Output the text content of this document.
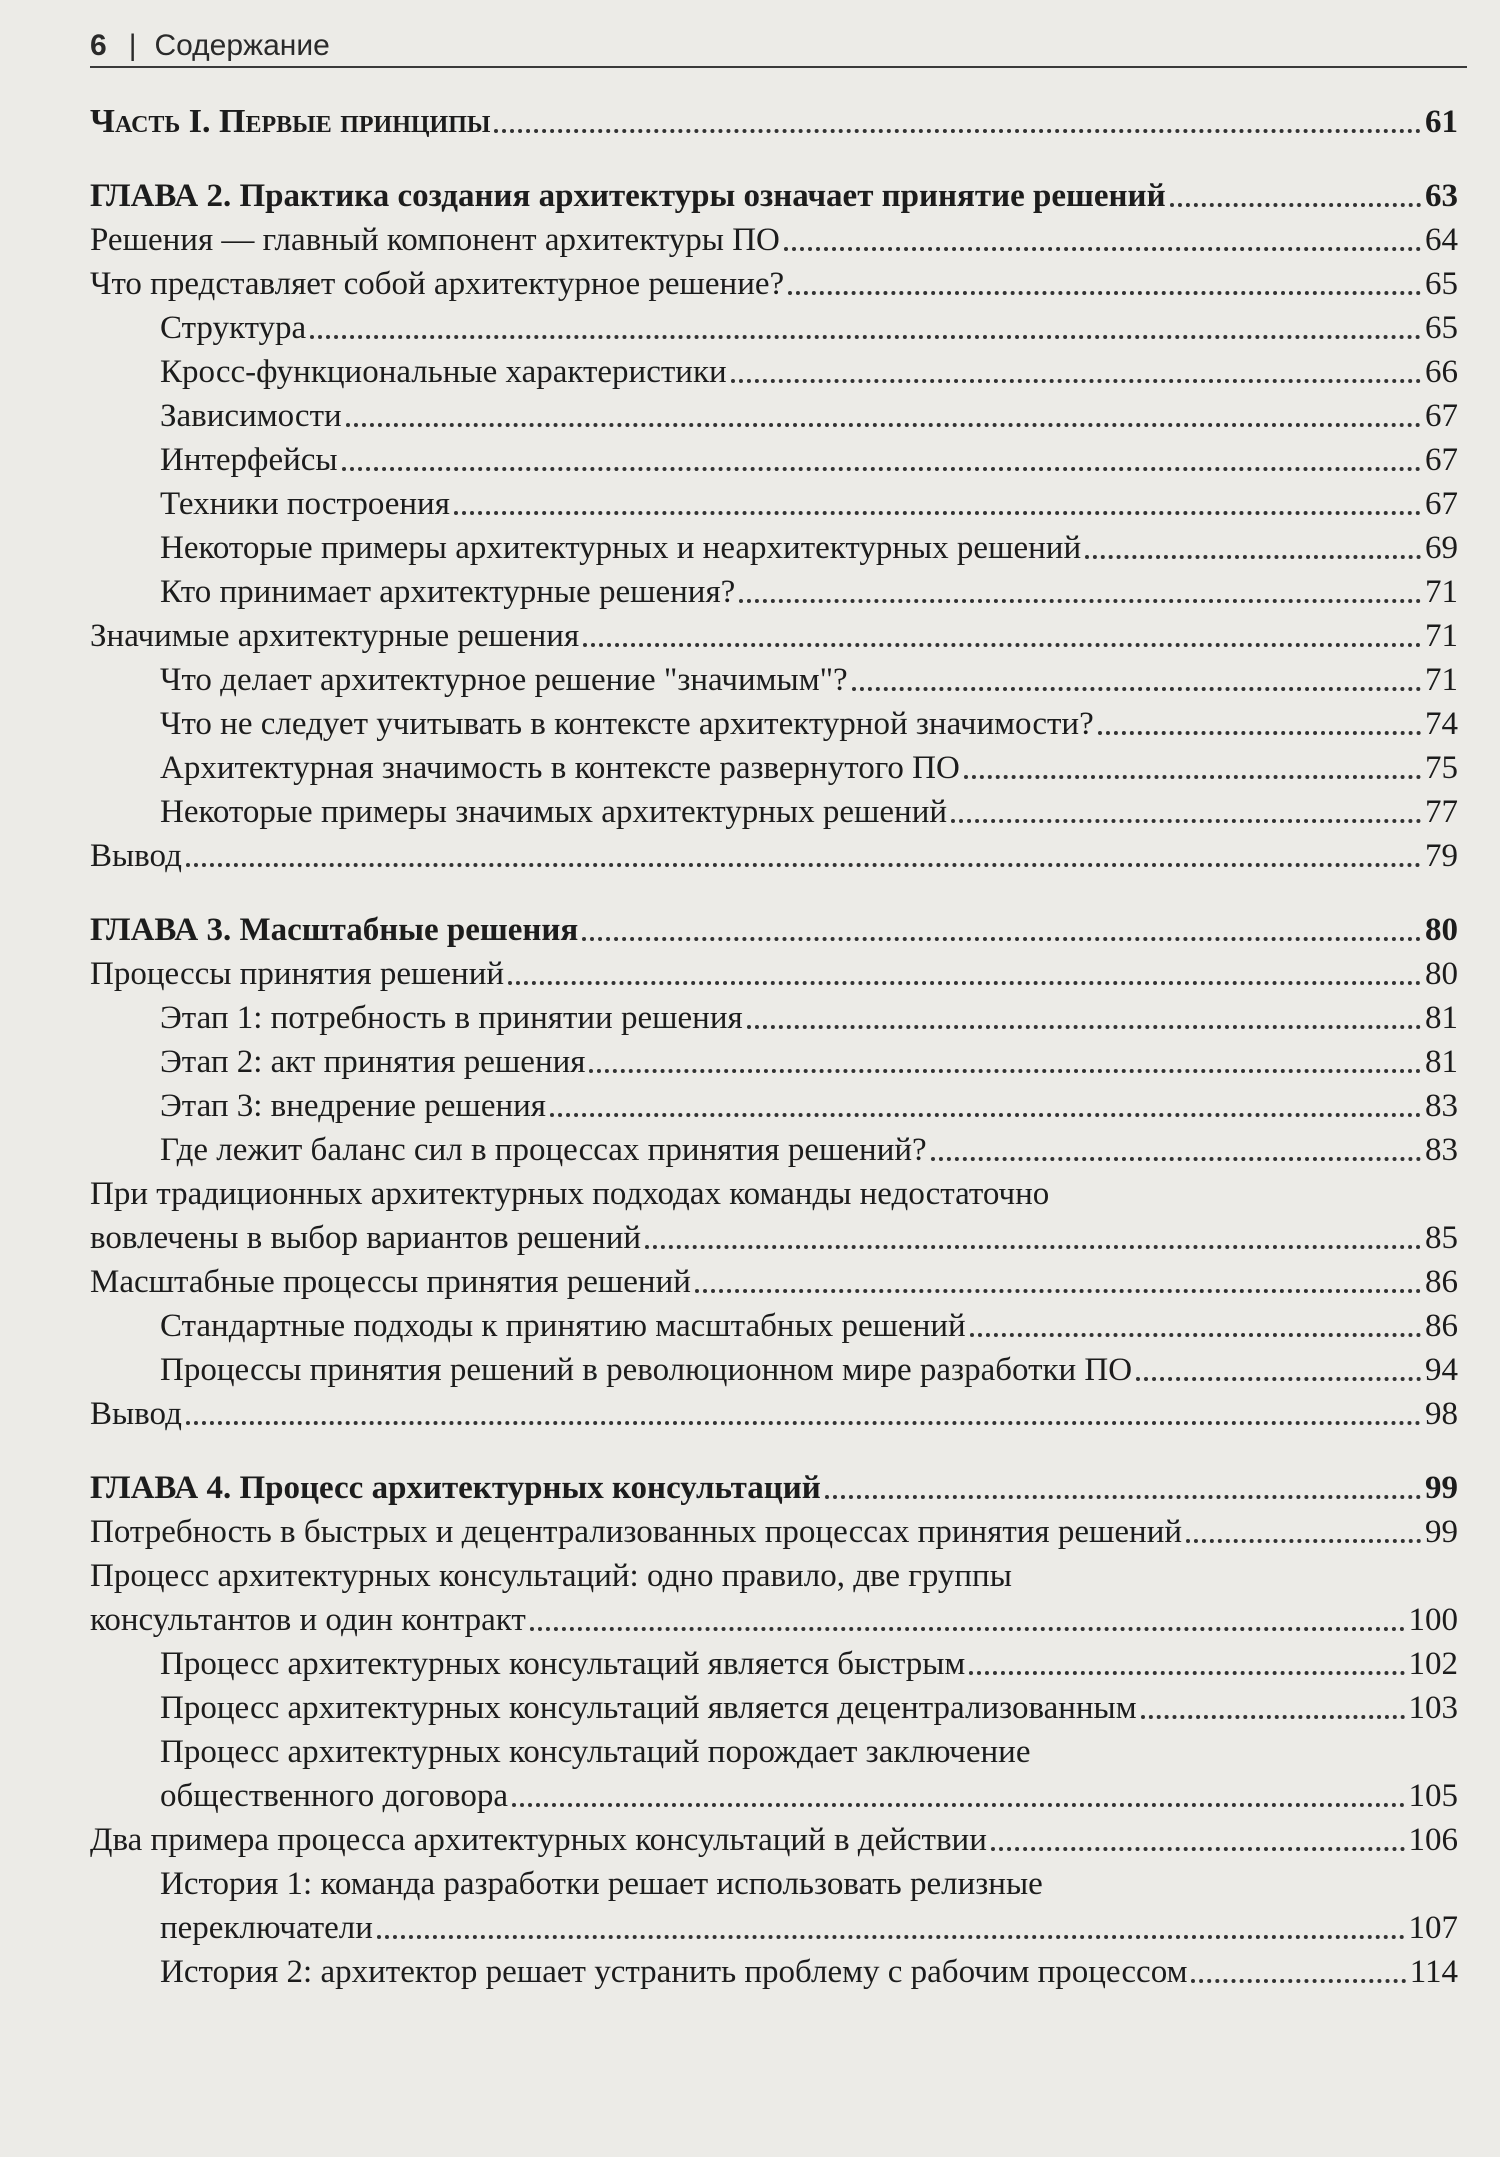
6 | Содержание
Часть I. Первые принципы	61
ГЛАВА 2. Практика создания архитектуры означает принятие решений	63
Решения — главный компонент архитектуры ПО	64
Что представляет собой архитектурное решение?	65
Структура	65
Кросс-функциональные характеристики	66
Зависимости	67
Интерфейсы	67
Техники построения	67
Некоторые примеры архитектурных и неархитектурных решений	69
Кто принимает архитектурные решения?	71
Значимые архитектурные решения	71
Что делает архитектурное решение "значимым"?	71
Что не следует учитывать в контексте архитектурной значимости?	74
Архитектурная значимость в контексте развернутого ПО	75
Некоторые примеры значимых архитектурных решений	77
Вывод	79
ГЛАВА 3. Масштабные решения	80
Процессы принятия решений	80
Этап 1: потребность в принятии решения	81
Этап 2: акт принятия решения	81
Этап 3: внедрение решения	83
Где лежит баланс сил в процессах принятия решений?	83
При традиционных архитектурных подходах команды недостаточно
вовлечены в выбор вариантов решений	85
Масштабные процессы принятия решений	86
Стандартные подходы к принятию масштабных решений	86
Процессы принятия решений в революционном мире разработки ПО	94
Вывод	98
ГЛАВА 4. Процесс архитектурных консультаций	99
Потребность в быстрых и децентрализованных процессах принятия решений	99
Процесс архитектурных консультаций: одно правило, две группы
консультантов и один контракт	100
Процесс архитектурных консультаций является быстрым	102
Процесс архитектурных консультаций является децентрализованным	103
Процесс архитектурных консультаций порождает заключение
общественного договора	105
Два примера процесса архитектурных консультаций в действии	106
История 1: команда разработки решает использовать релизные
переключатели	107
История 2: архитектор решает устранить проблему с рабочим процессом	114
